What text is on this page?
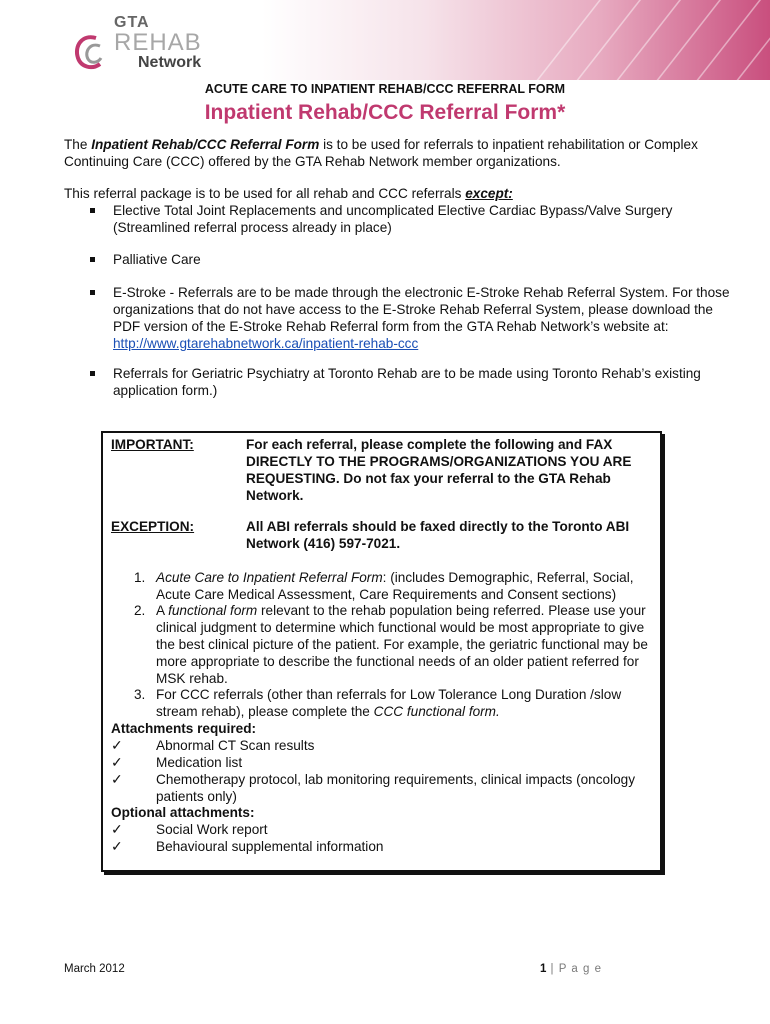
GTA
REHAB
Network
ACUTE CARE TO INPATIENT REHAB/CCC REFERRAL FORM
Inpatient Rehab/CCC Referral Form*
The Inpatient Rehab/CCC Referral Form is to be used for referrals to inpatient rehabilitation or Complex Continuing Care (CCC) offered by the GTA Rehab Network member organizations.
This referral package is to be used for all rehab and CCC referrals except:
Elective Total Joint Replacements and uncomplicated Elective Cardiac Bypass/Valve Surgery (Streamlined referral process already in place)
Palliative Care
E-Stroke - Referrals are to be made through the electronic E-Stroke Rehab Referral System. For those organizations that do not have access to the E-Stroke Rehab Referral System, please download the PDF version of the E-Stroke Rehab Referral form from the GTA Rehab Network’s website at: http://www.gtarehabnetwork.ca/inpatient-rehab-ccc
Referrals for Geriatric Psychiatry at Toronto Rehab are to be made using Toronto Rehab’s existing application form.)
IMPORTANT:	For each referral, please complete the following and FAX DIRECTLY TO THE PROGRAMS/ORGANIZATIONS YOU ARE REQUESTING. Do not fax your referral to the GTA Rehab Network.
EXCEPTION:	All ABI referrals should be faxed directly to the Toronto ABI Network (416) 597-7021.
1. Acute Care to Inpatient Referral Form: (includes Demographic, Referral, Social, Acute Care Medical Assessment, Care Requirements and Consent sections)
2. A functional form relevant to the rehab population being referred. Please use your clinical judgment to determine which functional would be most appropriate to give the best clinical picture of the patient. For example, the geriatric functional may be more appropriate to describe the functional needs of an older patient referred for MSK rehab.
3. For CCC referrals (other than referrals for Low Tolerance Long Duration /slow stream rehab), please complete the CCC functional form.
Attachments required:
✓ Abnormal CT Scan results
✓ Medication list
✓ Chemotherapy protocol, lab monitoring requirements, clinical impacts (oncology patients only)
Optional attachments:
✓ Social Work report
✓ Behavioural supplemental information
March 2012	1 | P a g e
